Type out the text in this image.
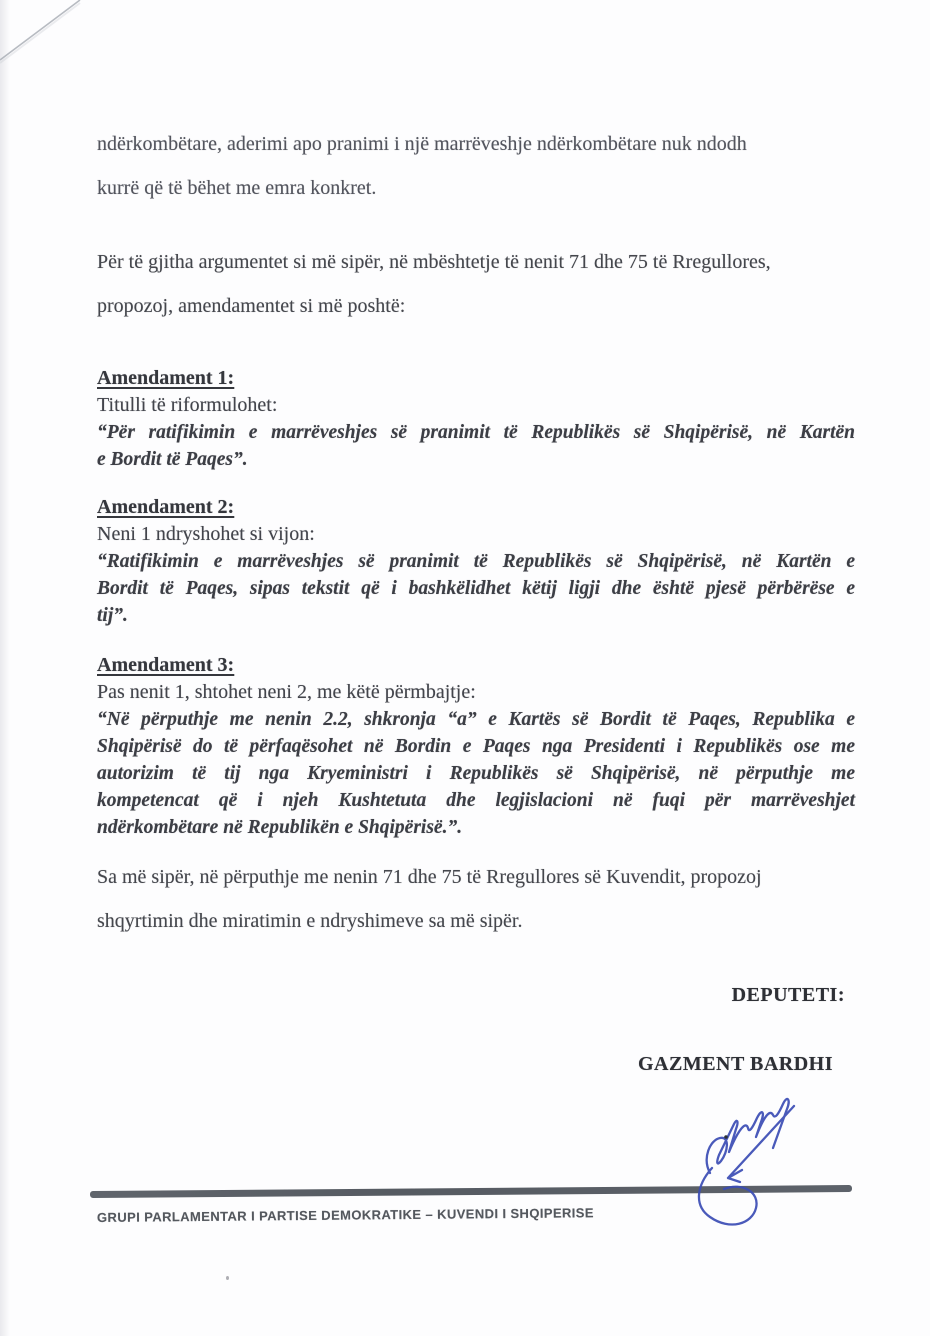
ndërkombëtare, aderimi apo pranimi i një marrëveshje ndërkombëtare nuk ndodh
kurrë që të bëhet me emra konkret.
Për të gjitha argumentet si më sipër, në mbështetje të nenit 71 dhe 75 të Rregullores,
propozoj, amendamentet si më poshtë:
Amendament 1:
Titulli të riformulohet:
“Për ratifikimin e marrëveshjes së pranimit të Republikës së Shqipërisë, në Kartën
e Bordit të Paqes”.
Amendament 2:
Neni 1 ndryshohet si vijon:
“Ratifikimin e marrëveshjes së pranimit të Republikës së Shqipërisë, në Kartën e
Bordit të Paqes, sipas tekstit që i bashkëlidhet këtij ligji dhe është pjesë përbërëse e
tij”.
Amendament 3:
Pas nenit 1, shtohet neni 2, me këtë përmbajtje:
“Në përputhje me nenin 2.2, shkronja “a” e Kartës së Bordit të Paqes, Republika e
Shqipërisë do të përfaqësohet në Bordin e Paqes nga Presidenti i Republikës ose me
autorizim të tij nga Kryeministri i Republikës së Shqipërisë, në përputhje me
kompetencat që i njeh Kushtetuta dhe legjislacioni në fuqi për marrëveshjet
ndërkombëtare në Republikën e Shqipërisë.”.
Sa më sipër, në përputhje me nenin 71 dhe 75 të Rregullores së Kuvendit, propozoj
shqyrtimin dhe miratimin e ndryshimeve sa më sipër.
DEPUTETI:
GAZMENT BARDHI
GRUPI PARLAMENTAR I PARTISE DEMOKRATIKE – KUVENDI I SHQIPERISE
